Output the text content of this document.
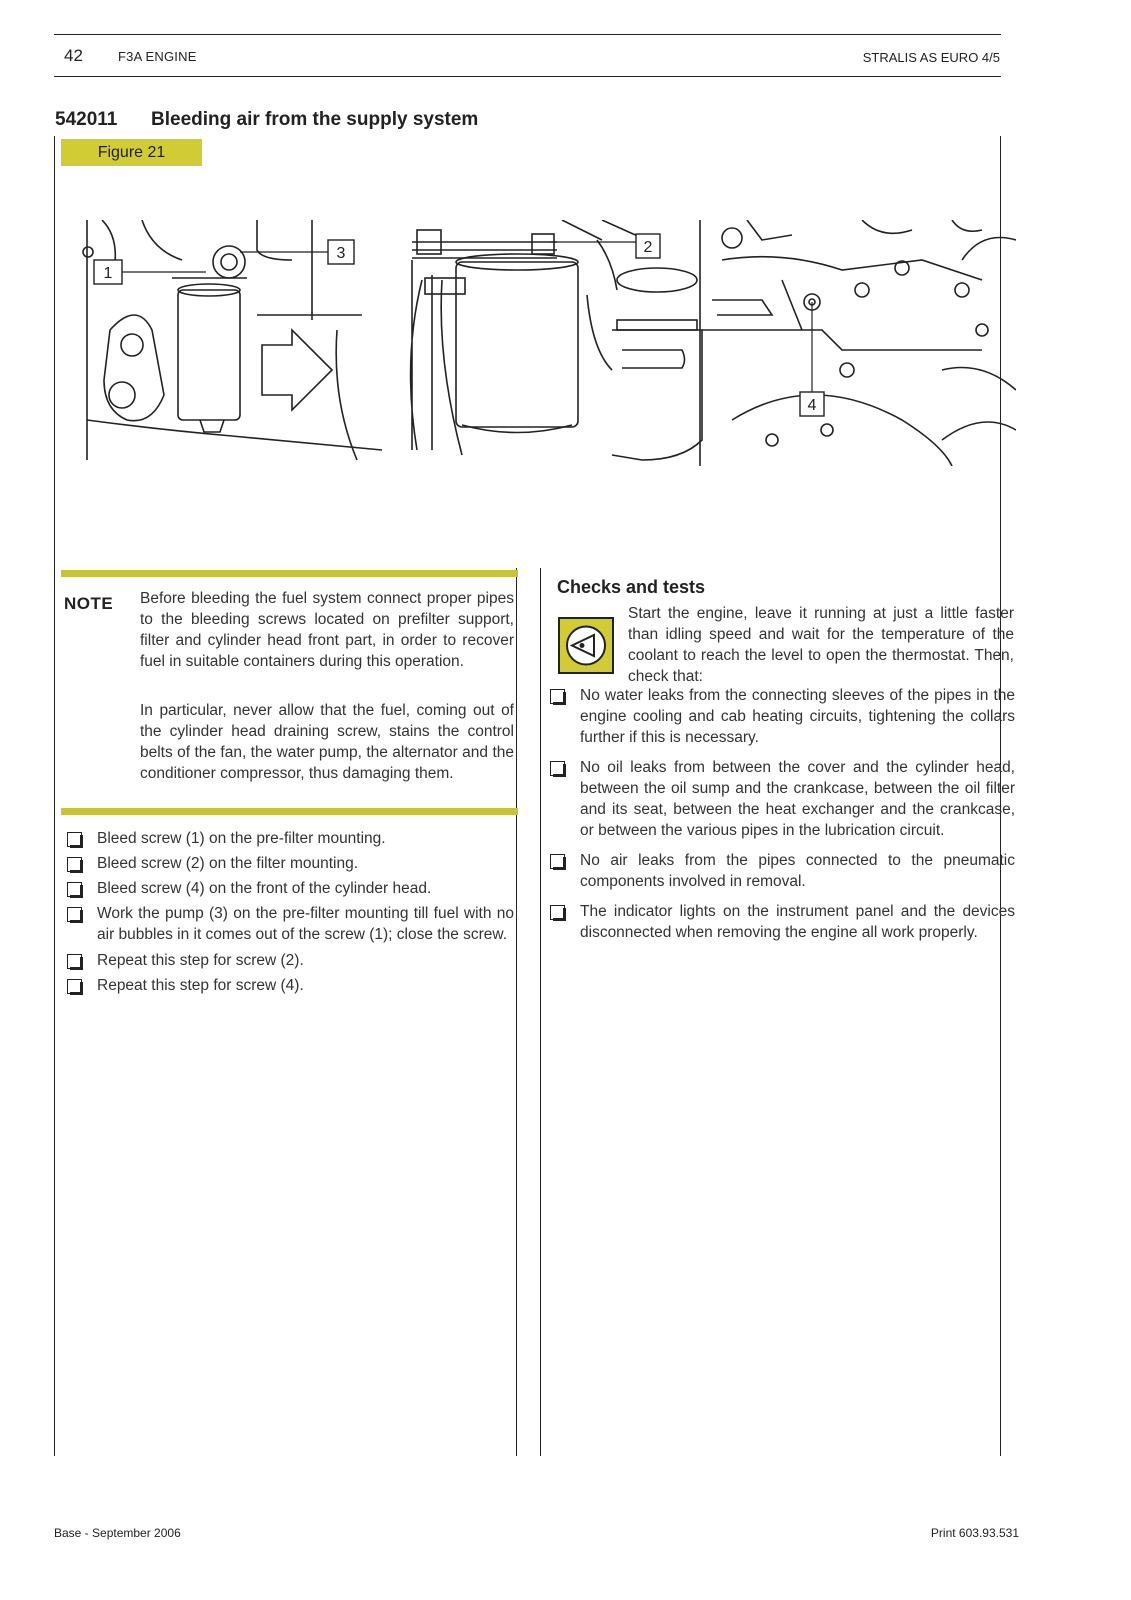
42	F3A ENGINE	STRALIS AS EURO 4/5
542011 Bleeding air from the supply system
Figure 21
1
2
3
4
NOTE Before bleeding the fuel system connect proper pipes to the bleeding screws located on prefilter support, filter and cylinder head front part, in order to recover fuel in suitable containers during this operation.

In particular, never allow that the fuel, coming out of the cylinder head draining screw, stains the control belts of the fan, the water pump, the alternator and the conditioner compressor, thus damaging them.

Bleed screw (1) on the pre-filter mounting.
Bleed screw (2) on the filter mounting.
Bleed screw (4) on the front of the cylinder head.
Work the pump (3) on the pre-filter mounting till fuel with no air bubbles in it comes out of the screw (1); close the screw.
Repeat this step for screw (2).
Repeat this step for screw (4).
Checks and tests

Start the engine, leave it running at just a little faster than idling speed and wait for the temperature of the coolant to reach the level to open the thermostat. Then, check that:

No water leaks from the connecting sleeves of the pipes in the engine cooling and cab heating circuits, tightening the collars further if this is necessary.
No oil leaks from between the cover and the cylinder head, between the oil sump and the crankcase, between the oil filter and its seat, between the heat exchanger and the crankcase, or between the various pipes in the lubrication circuit.
No air leaks from the pipes connected to the pneumatic components involved in removal.
The indicator lights on the instrument panel and the devices disconnected when removing the engine all work properly.
Base - September 2006	Print 603.93.531
